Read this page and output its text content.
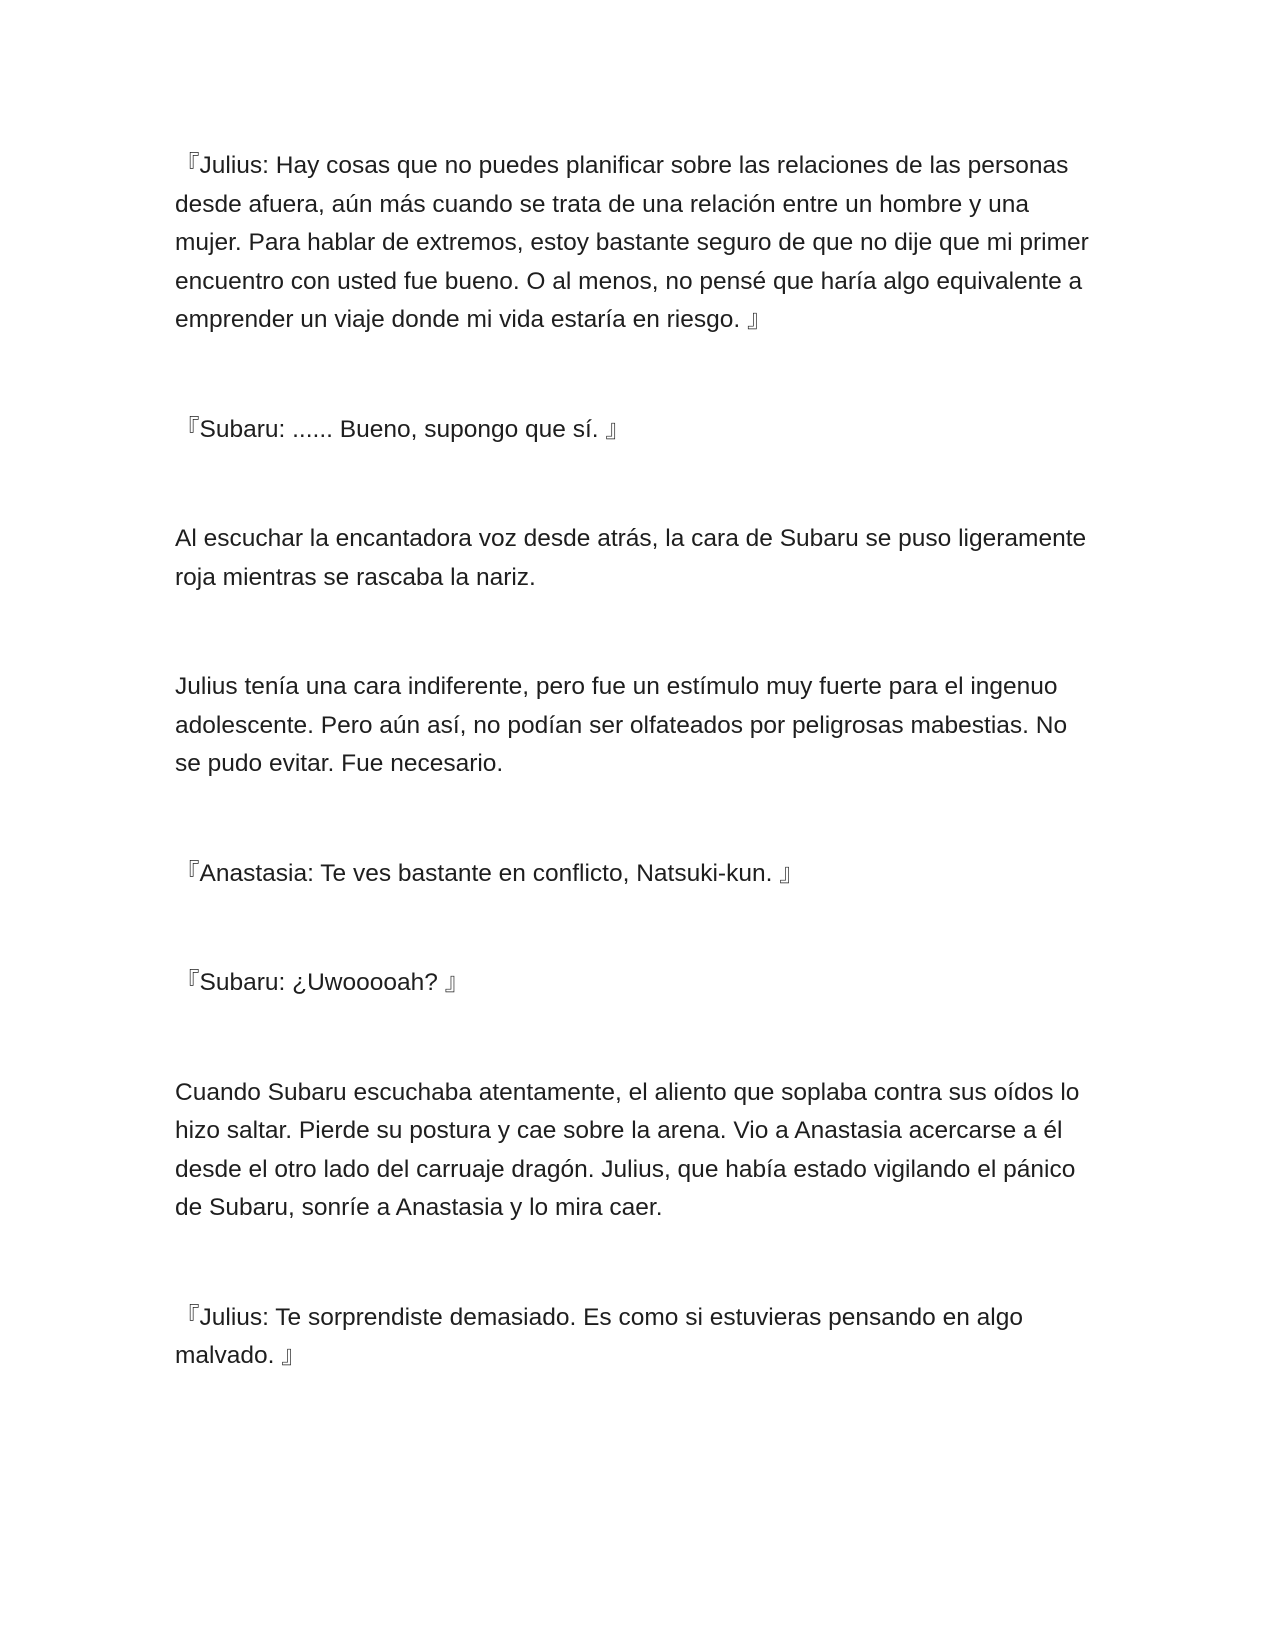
『Julius: Hay cosas que no puedes planificar sobre las relaciones de las personas desde afuera, aún más cuando se trata de una relación entre un hombre y una mujer. Para hablar de extremos, estoy bastante seguro de que no dije que mi primer encuentro con usted fue bueno. O al menos, no pensé que haría algo equivalente a emprender un viaje donde mi vida estaría en riesgo. 』

『Subaru: ...... Bueno, supongo que sí. 』

Al escuchar la encantadora voz desde atrás, la cara de Subaru se puso ligeramente roja mientras se rascaba la nariz.

Julius tenía una cara indiferente, pero fue un estímulo muy fuerte para el ingenuo adolescente. Pero aún así, no podían ser olfateados por peligrosas mabestias. No se pudo evitar. Fue necesario.

『Anastasia: Te ves bastante en conflicto, Natsuki-kun. 』

『Subaru: ¿Uwooooah? 』

Cuando Subaru escuchaba atentamente, el aliento que soplaba contra sus oídos lo hizo saltar. Pierde su postura y cae sobre la arena. Vio a Anastasia acercarse a él desde el otro lado del carruaje dragón. Julius, que había estado vigilando el pánico de Subaru, sonríe a Anastasia y lo mira caer.

『Julius: Te sorprendiste demasiado. Es como si estuvieras pensando en algo malvado. 』
